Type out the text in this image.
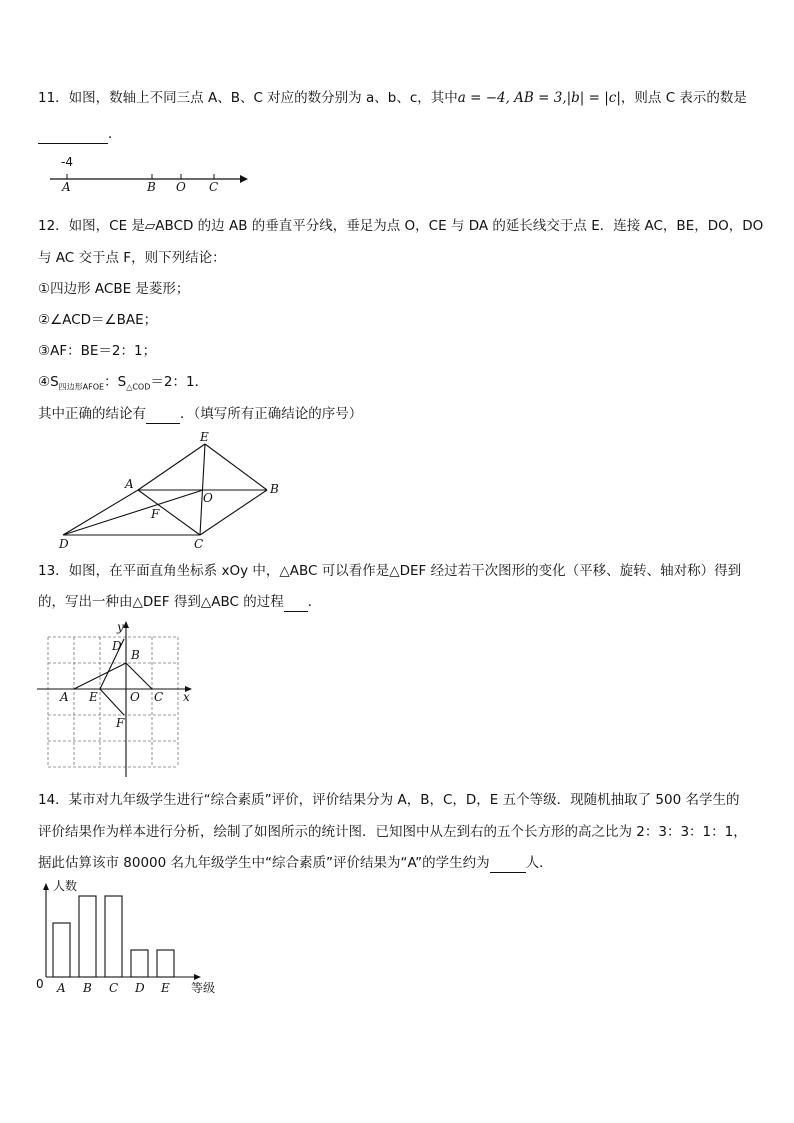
11．如图，数轴上不同三点 A、B、C 对应的数分别为 a、b、c，其中a = −4, AB = 3,|b| = |c|，则点 C 表示的数是
．
-4
A	B O C
12．如图，CE 是▱ABCD 的边 AB 的垂直平分线，垂足为点 O，CE 与 DA 的延长线交于点 E．连接 AC，BE，DO，DO
与 AC 交于点 F，则下列结论：
①四边形 ACBE 是菱形；
②∠ACD＝∠BAE；
③AF：BE＝2：1；
$④S_{四边形AFOE}$：$S_{\triangle COD}=2$：1．
其中正确的结论有	．（填写所有正确结论的序号）
E
A
O
B
F
D	C
13．如图，在平面直角坐标系 xOy 中，△ABC 可以看作是△DEF 经过若干次图形的变化（平移、旋转、轴对称）得到
的，写出一种由△DEF 得到△ABC 的过程 ．
y
D
B
A E	O C x
F
14．某市对九年级学生进行“综合素质”评价，评价结果分为 A，B，C，D，E 五个等级．现随机抽取了 500 名学生的
评价结果作为样本进行分析，绘制了如图所示的统计图．已知图中从左到右的五个长方形的高之比为 2：3：3：1：1，
据此估算该市 80000 名九年级学生中“综合素质”评价结果为“A”的学生约为	人．
人数
等级
0 A B C D E
